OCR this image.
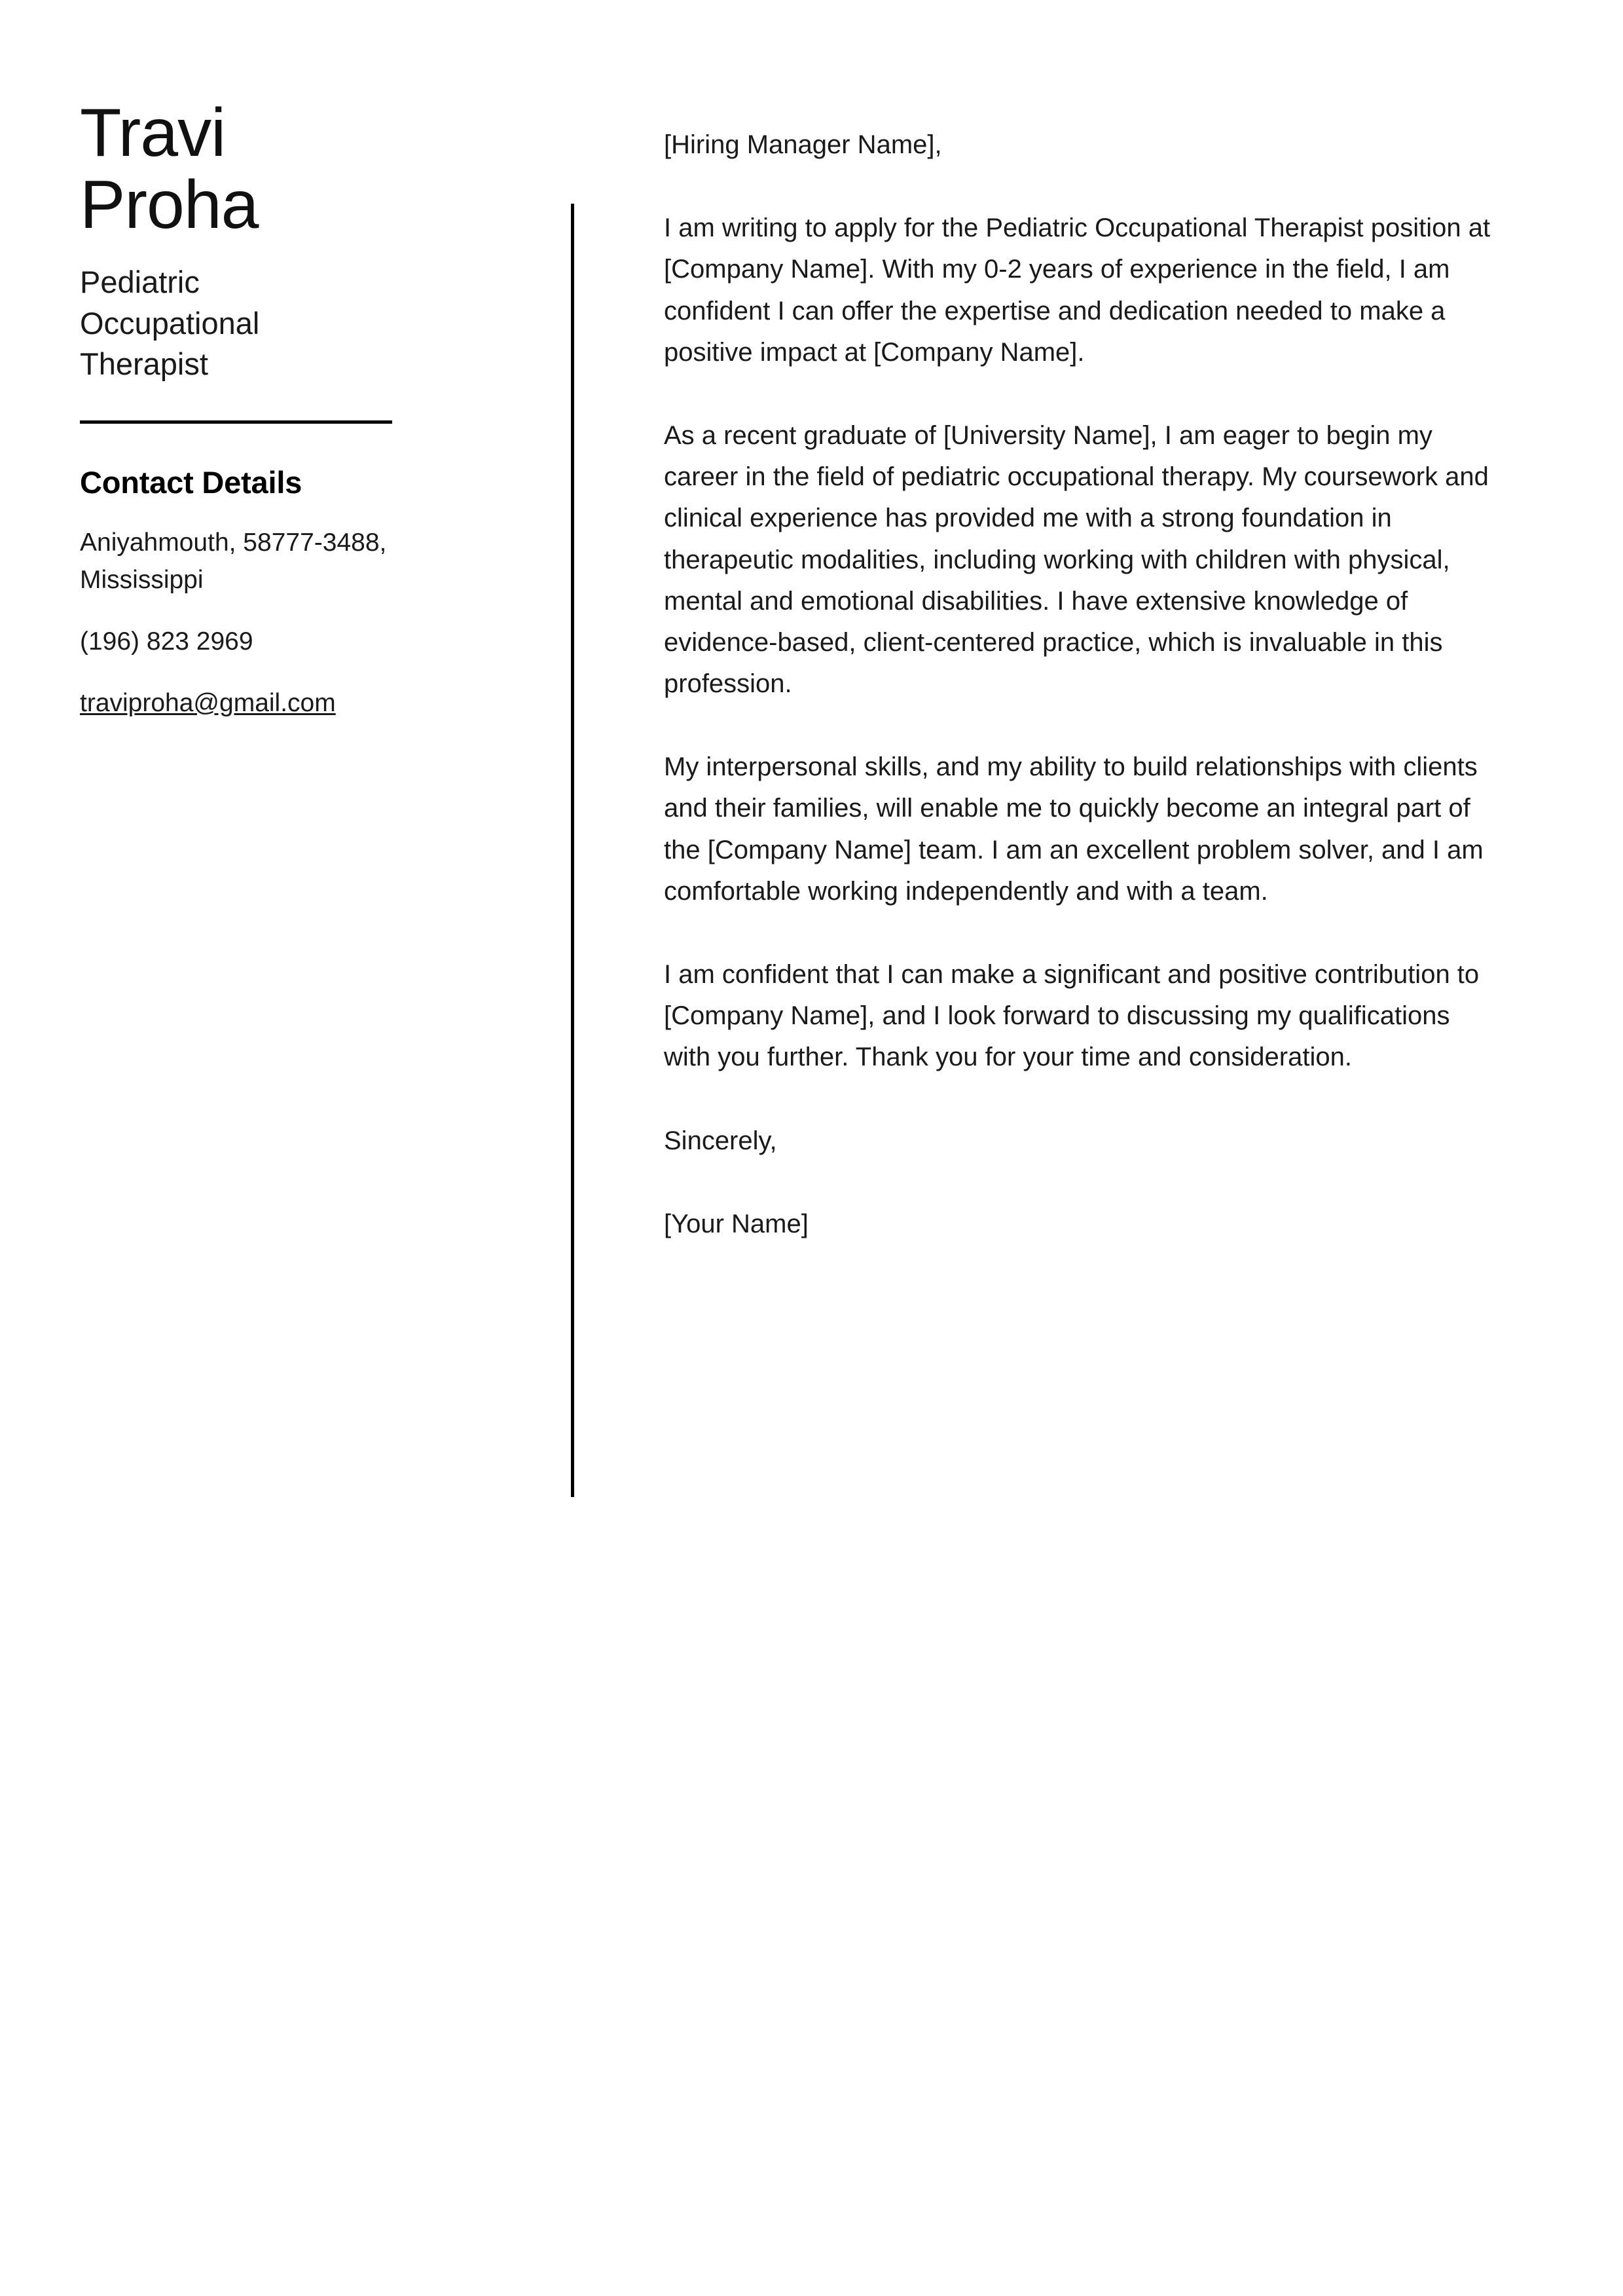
Travi
Proha
Pediatric Occupational Therapist
Contact Details
Aniyahmouth, 58777-3488, Mississippi
(196) 823 2969
traviproha@gmail.com

[Hiring Manager Name],

I am writing to apply for the Pediatric Occupational Therapist position at [Company Name]. With my 0-2 years of experience in the field, I am confident I can offer the expertise and dedication needed to make a positive impact at [Company Name].

As a recent graduate of [University Name], I am eager to begin my career in the field of pediatric occupational therapy. My coursework and clinical experience has provided me with a strong foundation in therapeutic modalities, including working with children with physical, mental and emotional disabilities. I have extensive knowledge of evidence-based, client-centered practice, which is invaluable in this profession.

My interpersonal skills, and my ability to build relationships with clients and their families, will enable me to quickly become an integral part of the [Company Name] team. I am an excellent problem solver, and I am comfortable working independently and with a team.

I am confident that I can make a significant and positive contribution to [Company Name], and I look forward to discussing my qualifications with you further. Thank you for your time and consideration.

Sincerely,

[Your Name]
